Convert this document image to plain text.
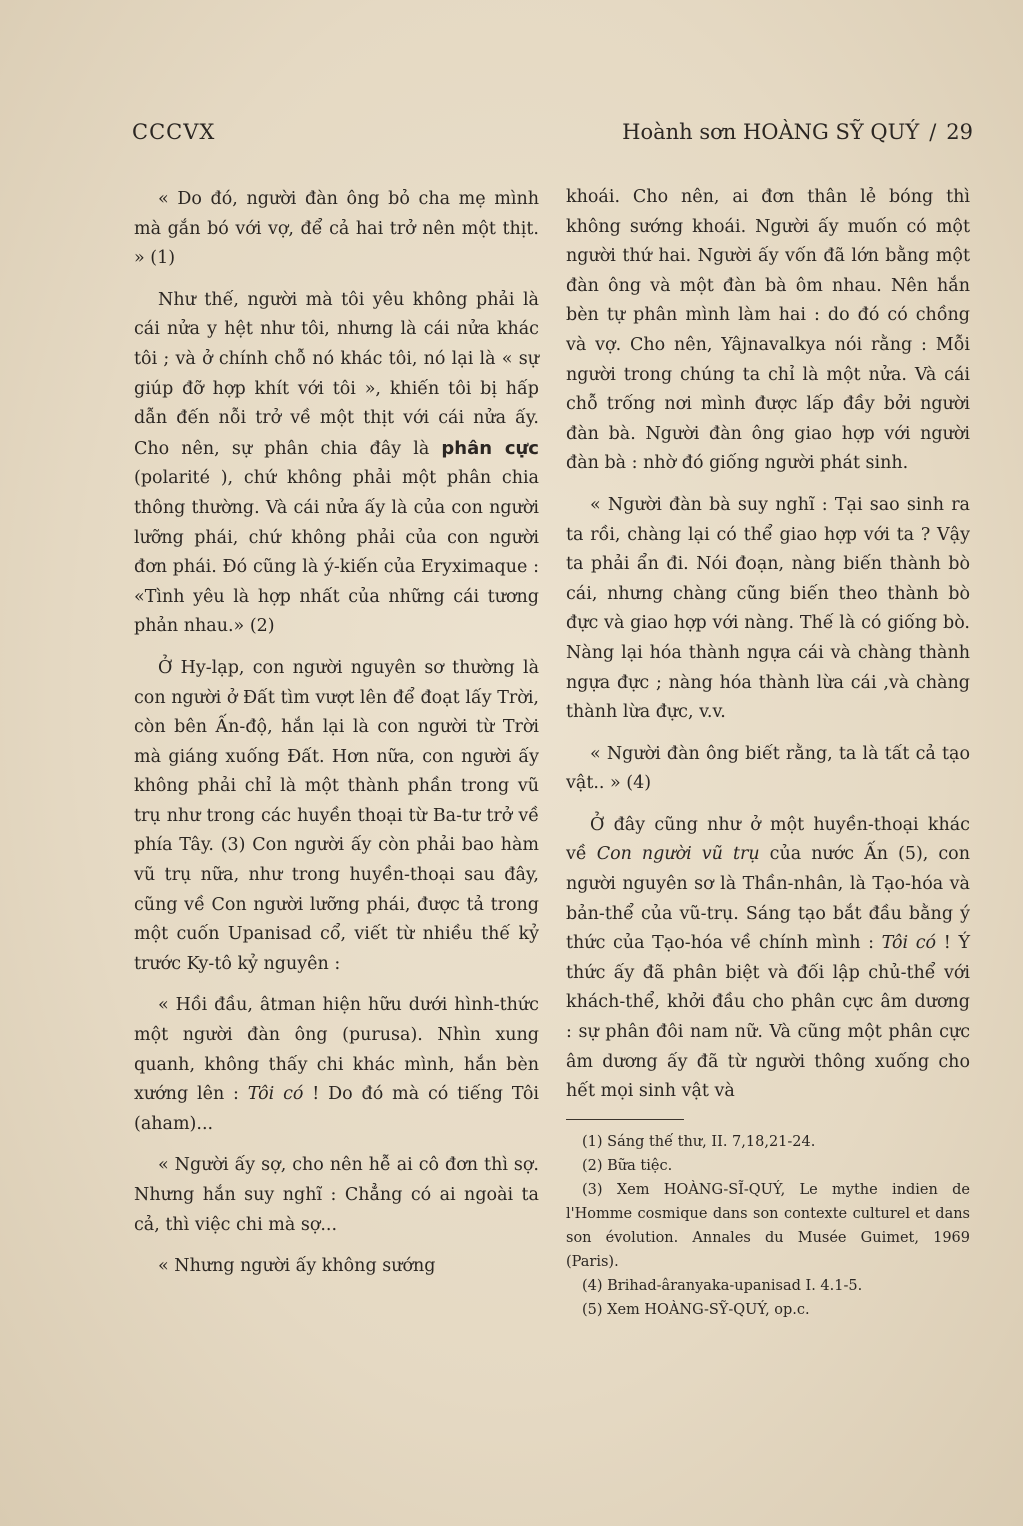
CCCVX	Hoành sơn HOÀNG SỸ QUÝ / 29

« Do đó, người đàn ông bỏ cha mẹ mình mà gắn bó với vợ, để cả hai trở nên một thịt. » (1)

Như thế, người mà tôi yêu không phải là cái nửa y hệt như tôi, nhưng là cái nửa khác tôi ; và ở chính chỗ nó khác tôi, nó lại là « sự giúp đỡ hợp khít với tôi », khiến tôi bị hấp dẫn đến nỗi trở về một thịt với cái nửa ấy. Cho nên, sự phân chia đây là phân cực (polarité ), chứ không phải một phân chia thông thường. Và cái nửa ấy là của con người lưỡng phái, chứ không phải của con người đơn phái. Đó cũng là ý-kiến của Eryximaque : «Tình yêu là hợp nhất của những cái tương phản nhau.» (2)

Ở Hy-lạp, con người nguyên sơ thường là con người ở Đất tìm vượt lên để đoạt lấy Trời, còn bên Ấn-độ, hắn lại là con người từ Trời mà giáng xuống Đất. Hơn nữa, con người ấy không phải chỉ là một thành phần trong vũ trụ như trong các huyền thoại từ Ba-tư trở về phía Tây. (3) Con người ấy còn phải bao hàm vũ trụ nữa, như trong huyền-thoại sau đây, cũng về Con người lưỡng phái, được tả trong một cuốn Upanisad cổ, viết từ nhiều thế kỷ trước Ky-tô kỷ nguyên :

« Hồi đầu, âtman hiện hữu dưới hình-thức một người đàn ông (purusa). Nhìn xung quanh, không thấy chi khác mình, hắn bèn xướng lên : Tôi có ! Do đó mà có tiếng Tôi (aham)...

« Người ấy sợ, cho nên hễ ai cô đơn thì sợ. Nhưng hắn suy nghĩ : Chẳng có ai ngoài ta cả, thì việc chi mà sợ...

« Nhưng người ấy không sướng

khoái. Cho nên, ai đơn thân lẻ bóng thì không sướng khoái. Người ấy muốn có một người thứ hai. Người ấy vốn đã lớn bằng một đàn ông và một đàn bà ôm nhau. Nên hắn bèn tự phân mình làm hai : do đó có chồng và vợ. Cho nên, Yâjnavalkya nói rằng : Mỗi người trong chúng ta chỉ là một nửa. Và cái chỗ trống nơi mình được lấp đầy bởi người đàn bà. Người đàn ông giao hợp với người đàn bà : nhờ đó giống người phát sinh.

« Người đàn bà suy nghĩ : Tại sao sinh ra ta rồi, chàng lại có thể giao hợp với ta ? Vậy ta phải ẩn đi. Nói đoạn, nàng biến thành bò cái, nhưng chàng cũng biến theo thành bò đực và giao hợp với nàng. Thế là có giống bò. Nàng lại hóa thành ngựa cái và chàng thành ngựa đực ; nàng hóa thành lừa cái ,và chàng thành lừa đực, v.v.

« Người đàn ông biết rằng, ta là tất cả tạo vật.. » (4)

Ở đây cũng như ở một huyền-thoại khác về Con người vũ trụ của nước Ấn (5), con người nguyên sơ là Thần-nhân, là Tạo-hóa và bản-thể của vũ-trụ. Sáng tạo bắt đầu bằng ý thức của Tạo-hóa về chính mình : Tôi có ! Ý thức ấy đã phân biệt và đối lập chủ-thể với khách-thể, khởi đầu cho phân cực âm dương : sự phân đôi nam nữ. Và cũng một phân cực âm dương ấy đã từ người thông xuống cho hết mọi sinh vật và

(1) Sáng thế thư, II. 7,18,21-24.

(2) Bữa tiệc.

(3) Xem HOÀNG-SĨ-QUÝ, Le mythe indien de l'Homme cosmique dans son contexte culturel et dans son évolution. Annales du Musée Guimet, 1969 (Paris).

(4) Brihad-âranyaka-upanisad I. 4.1-5.

(5) Xem HOÀNG-SỸ-QUÝ, op.c.
